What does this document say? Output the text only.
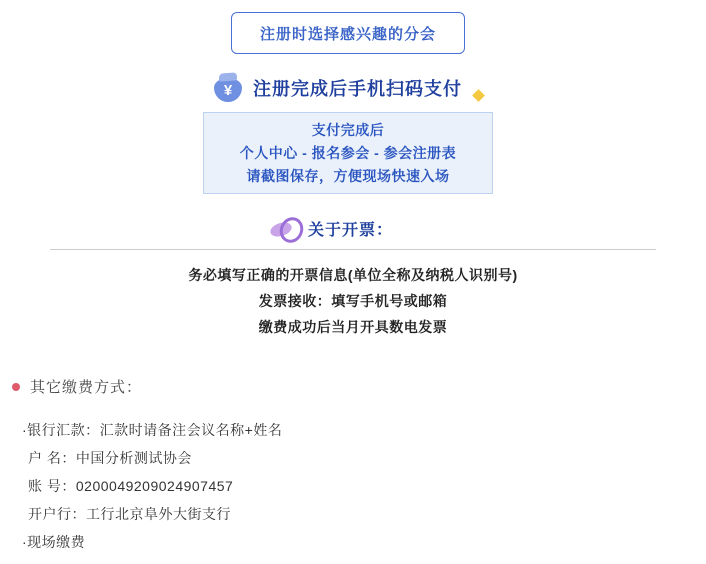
注册时选择感兴趣的分会
¥	注册完成后手机扫码支付
支付完成后
个人中心 - 报名参会 - 参会注册表
请截图保存，方便现场快速入场
关于开票：
务必填写正确的开票信息(单位全称及纳税人识别号)
发票接收：填写手机号或邮箱
缴费成功后当月开具数电发票
其它缴费方式：
·银行汇款：汇款时请备注会议名称+姓名
户 名：中国分析测试协会
账 号：0200049209024907457
开户行：工行北京阜外大街支行
·现场缴费
